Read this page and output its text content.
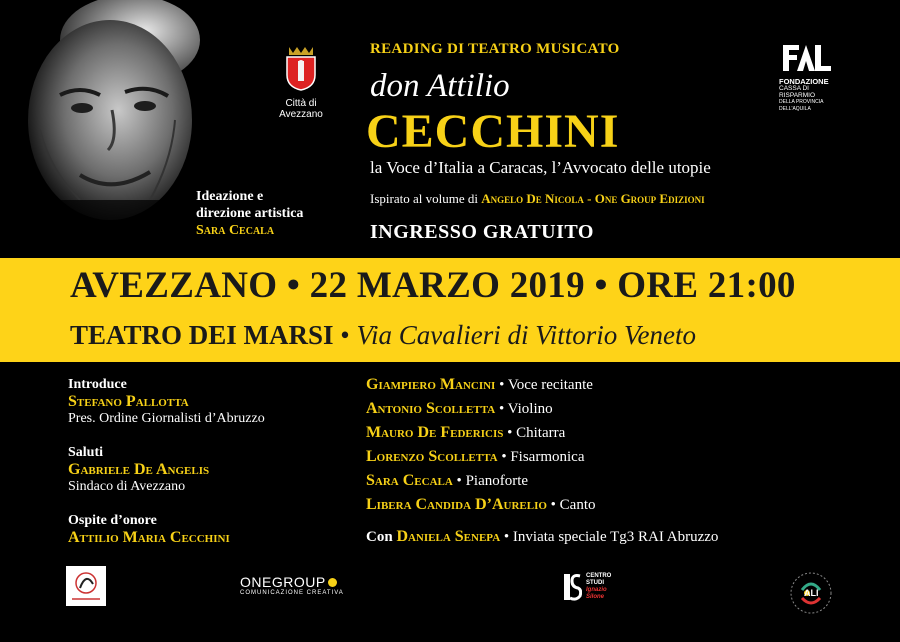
Città di
Avezzano
READING DI TEATRO MUSICATO
don Attilio
CECCHINI
la Voce d’Italia a Caracas, l’Avvocato delle utopie
Ispirato al volume di Angelo De Nicola - One Group Edizioni
INGRESSO GRATUITO
Ideazione e
direzione artistica
Sara Cecala
FONDAZIONE
CASSA DI RISPARMIO
DELLA PROVINCIA DELL'AQUILA
AVEZZANO • 22 MARZO 2019 • ORE 21:00
TEATRO DEI MARSI • Via Cavalieri di Vittorio Veneto
Introduce
Stefano Pallotta
Pres. Ordine Giornalisti d’Abruzzo
Saluti
Gabriele De Angelis
Sindaco di Avezzano
Ospite d’onore
Attilio Maria Cecchini
Giampiero Mancini • Voce recitante
Antonio Scolletta • Violino
Mauro De Federicis • Chitarra
Lorenzo Scolletta • Fisarmonica
Sara Cecala • Pianoforte
Libera Candida D’Aurelio • Canto
Con Daniela Senepa • Inviata speciale Tg3 RAI Abruzzo
ONEGROUP
COMUNICAZIONE CREATIVA
CENTRO
STUDI
Ignazio
Silone	ALI
